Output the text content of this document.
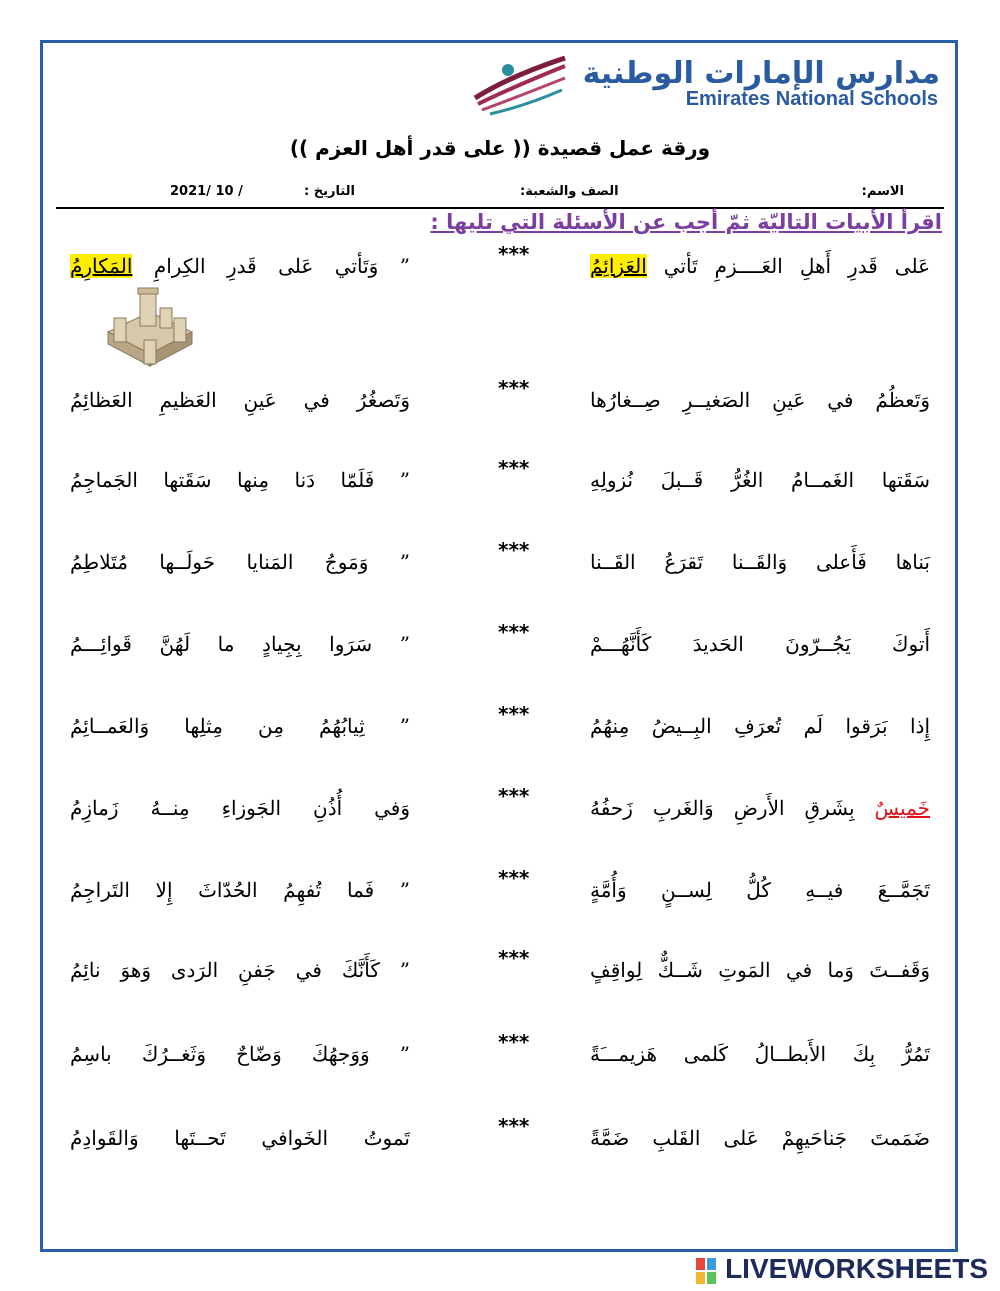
مدارس الإمارات الوطنية
Emirates National Schools
ورقة عمل قصيدة (( على قدر أهل العزم ))
الاسم:
الصف والشعبة:
التاريخ :
2021/ 10 /
اقرأ الأبيات التاليّة ثمّ أجب عن الأسئلة التي تليها :
عَلى قَدرِ أَهلِ العَــــزمِ تَأتي العَزائِمُ
***
” وَتَأتي عَلى قَدرِ الكِرامِ المَكارِمُ
وَتَعظُمُ في عَينِ الصَغيــرِ صِــغارُها
***
وَتَصغُرُ في عَينِ العَظيمِ العَظائِمُ
سَقَتها الغَمــامُ الغُرُّ قَــبلَ نُزولِهِ
***
” فَلَمّا دَنا مِنها سَقَتها الجَماجِمُ
بَناها فَأَعلى وَالقَــنا تَقرَعُ القَــنا
***
” وَمَوجُ المَنايا حَولَــها مُتَلاطِمُ
أَتوكَ يَجُــرّونَ الحَديدَ كَأَنَّهُـــمْ
***
” سَرَوا بِجِيادٍ ما لَهُنَّ قَوائِـــمُ
إِذا بَرَقوا لَم تُعرَفِ البِــيضُ مِنهُمُ
***
” ثِيابُهُمُ مِن مِثلِها وَالعَمــائِمُ
خَميسٌ بِشَرقِ الأَرضِ وَالغَربِ زَحفُهُ
***
وَفي أُذُنِ الجَوزاءِ مِنــهُ زَمازِمُ
تَجَمَّــعَ فيــهِ كُلُّ لِســنٍ وَأُمَّةٍ
***
” فَما تُفهِمُ الحُدّاثَ إِلا التَراجِمُ
وَقَفــتَ وَما في المَوتِ شَــكٌّ لِواقِفٍ
***
” كَأَنَّكَ في جَفنِ الرَدى وَهوَ نائِمُ
تَمُرُّ بِكَ الأَبطــالُ كَلمى هَزيمـــَةً
***
” وَوَجهُكَ وَضّاحٌ وَثَغــرُكَ باسِمُ
ضَمَمتَ جَناحَيهِمْ عَلى القَلبِ ضَمَّةً
***
تَموتُ الخَوافي تَحــتَها وَالقَوادِمُ
LIVEWORKSHEETS
